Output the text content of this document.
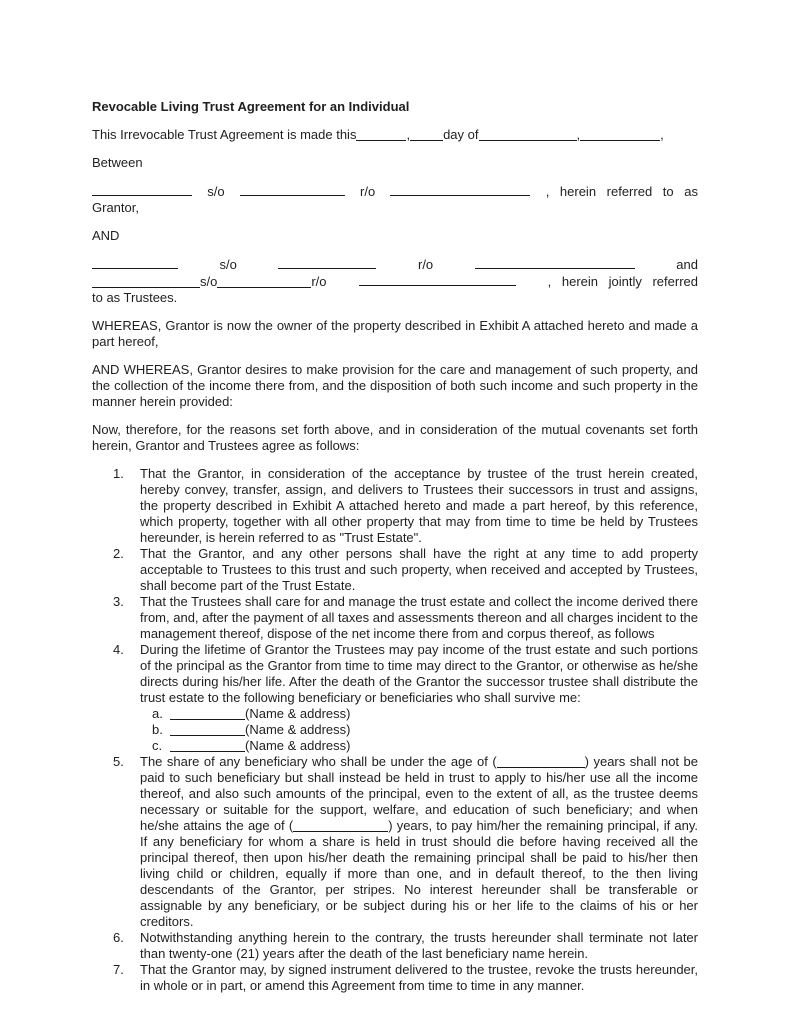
Revocable Living Trust Agreement for an Individual

This Irrevocable Trust Agreement is made this	,	day of	,	,

Between

s/o	r/o	, herein referred to as

Grantor,

AND

s/o	r/o	and
s/o	r/o	, herein jointly referred

to as Trustees.

WHEREAS, Grantor is now the owner of the property described in Exhibit A attached hereto and made a part hereof,

AND WHEREAS, Grantor desires to make provision for the care and management of such property, and the collection of the income there from, and the disposition of both such income and such property in the manner herein provided:

Now, therefore, for the reasons set forth above, and in consideration of the mutual covenants set forth herein, Grantor and Trustees agree as follows:

1.	That the Grantor, in consideration of the acceptance by trustee of the trust herein created, hereby convey, transfer, assign, and delivers to Trustees their successors in trust and assigns, the property described in Exhibit A attached hereto and made a part hereof, by this reference, which property, together with all other property that may from time to time be held by Trustees hereunder, is herein referred to as "Trust Estate".
2.	That the Grantor, and any other persons shall have the right at any time to add property acceptable to Trustees to this trust and such property, when received and accepted by Trustees, shall become part of the Trust Estate.
3.	That the Trustees shall care for and manage the trust estate and collect the income derived there from, and, after the payment of all taxes and assessments thereon and all charges incident to the management thereof, dispose of the net income there from and corpus thereof, as follows
4.	During the lifetime of Grantor the Trustees may pay income of the trust estate and such portions of the principal as the Grantor from time to time may direct to the Grantor, or otherwise as he/she directs during his/her life. After the death of the Grantor the successor trustee shall distribute the trust estate to the following beneficiary or beneficiaries who shall survive me:
a.	(Name & address)
b.	(Name & address)
c.	(Name & address)
5.	The share of any beneficiary who shall be under the age of (	) years shall not be paid to such beneficiary but shall instead be held in trust to apply to his/her use all the income thereof, and also such amounts of the principal, even to the extent of all, as the trustee deems necessary or suitable for the support, welfare, and education of such beneficiary; and when he/she attains the age of (	) years, to pay him/her the remaining principal, if any. If any beneficiary for whom a share is held in trust should die before having received all the principal thereof, then upon his/her death the remaining principal shall be paid to his/her then living child or children, equally if more than one, and in default thereof, to the then living descendants of the Grantor, per stripes. No interest hereunder shall be transferable or assignable by any beneficiary, or be subject during his or her life to the claims of his or her creditors.
6.	Notwithstanding anything herein to the contrary, the trusts hereunder shall terminate not later than twenty-one (21) years after the death of the last beneficiary name herein.
7.	That the Grantor may, by signed instrument delivered to the trustee, revoke the trusts hereunder, in whole or in part, or amend this Agreement from time to time in any manner.
